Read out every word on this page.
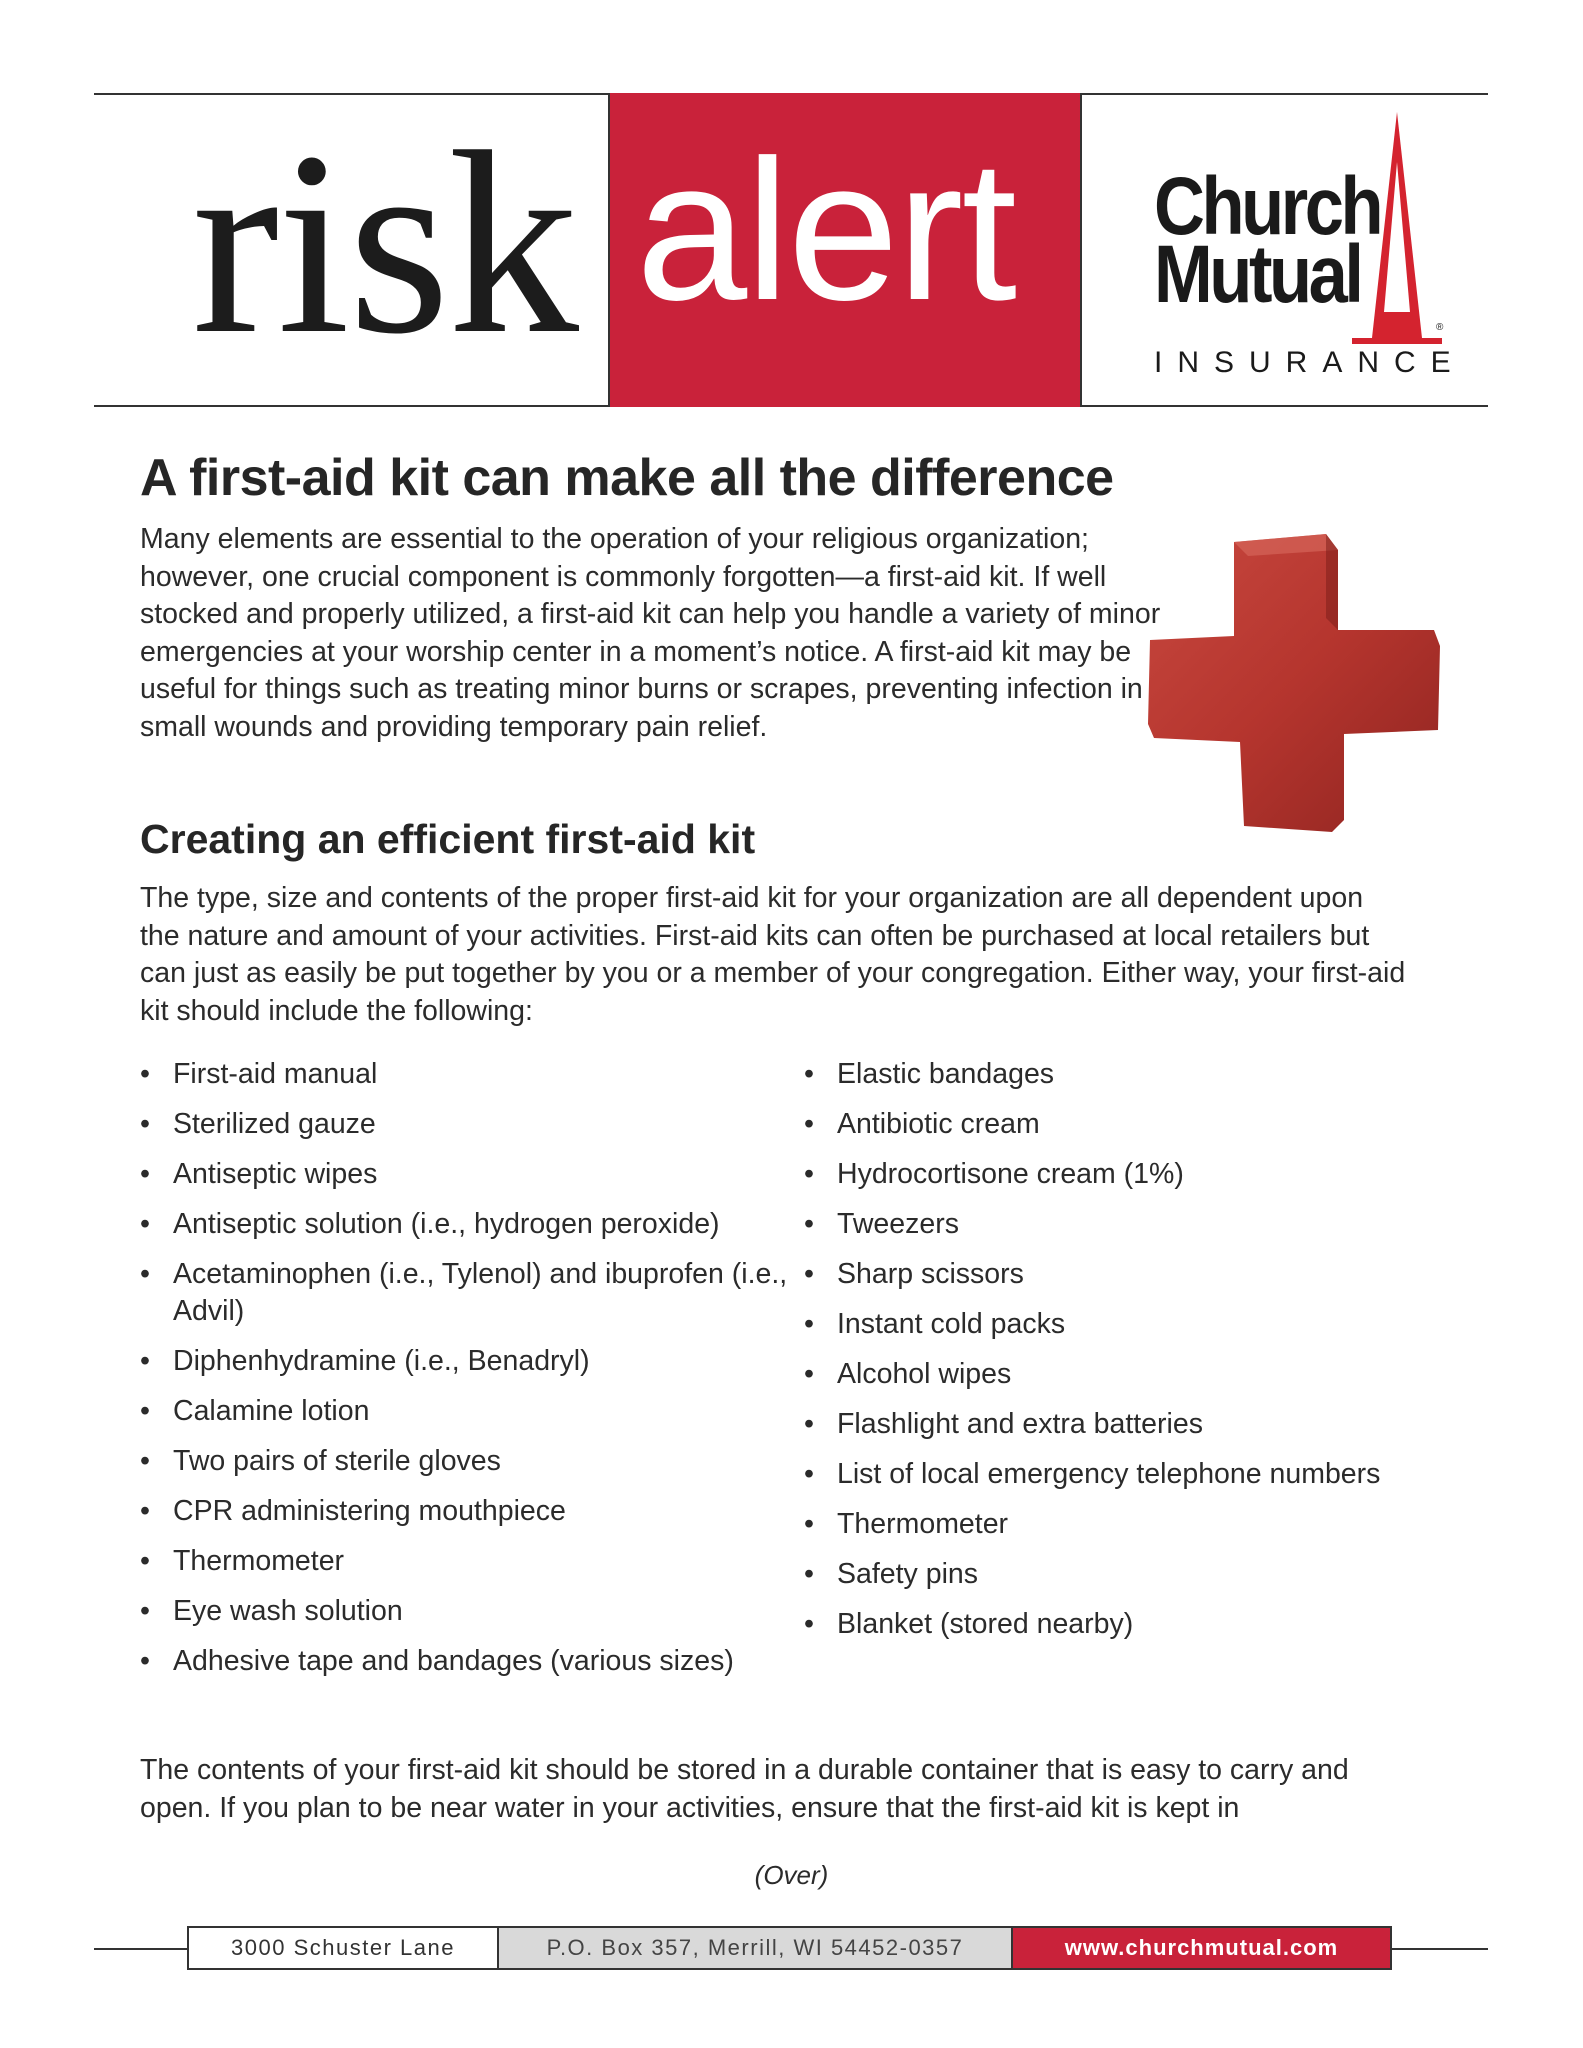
risk alert Church
Mutual
INSURANCE
®
A first-aid kit can make all the difference
Many elements are essential to the operation of your religious organization; however, one crucial component is commonly forgotten—a first-aid kit. If well stocked and properly utilized, a first-aid kit can help you handle a variety of minor emergencies at your worship center in a moment’s notice. A first-aid kit may be useful for things such as treating minor burns or scrapes, preventing infection in small wounds and providing temporary pain relief.
Creating an efficient first-aid kit
The type, size and contents of the proper first-aid kit for your organization are all dependent upon the nature and amount of your activities. First-aid kits can often be purchased at local retailers but can just as easily be put together by you or a member of your congregation. Either way, your first-aid kit should include the following:
• First-aid manual
• Sterilized gauze
• Antiseptic wipes
• Antiseptic solution (i.e., hydrogen peroxide)
• Acetaminophen (i.e., Tylenol) and ibuprofen (i.e., Advil)
• Diphenhydramine (i.e., Benadryl)
• Calamine lotion
• Two pairs of sterile gloves
• CPR administering mouthpiece
• Thermometer
• Eye wash solution
• Adhesive tape and bandages (various sizes)
• Elastic bandages
• Antibiotic cream
• Hydrocortisone cream (1%)
• Tweezers
• Sharp scissors
• Instant cold packs
• Alcohol wipes
• Flashlight and extra batteries
• List of local emergency telephone numbers
• Thermometer
• Safety pins
• Blanket (stored nearby)
The contents of your first-aid kit should be stored in a durable container that is easy to carry and open. If you plan to be near water in your activities, ensure that the first-aid kit is kept in
(Over)
3000 Schuster Lane	P.O. Box 357, Merrill, WI 54452-0357	www.churchmutual.com
